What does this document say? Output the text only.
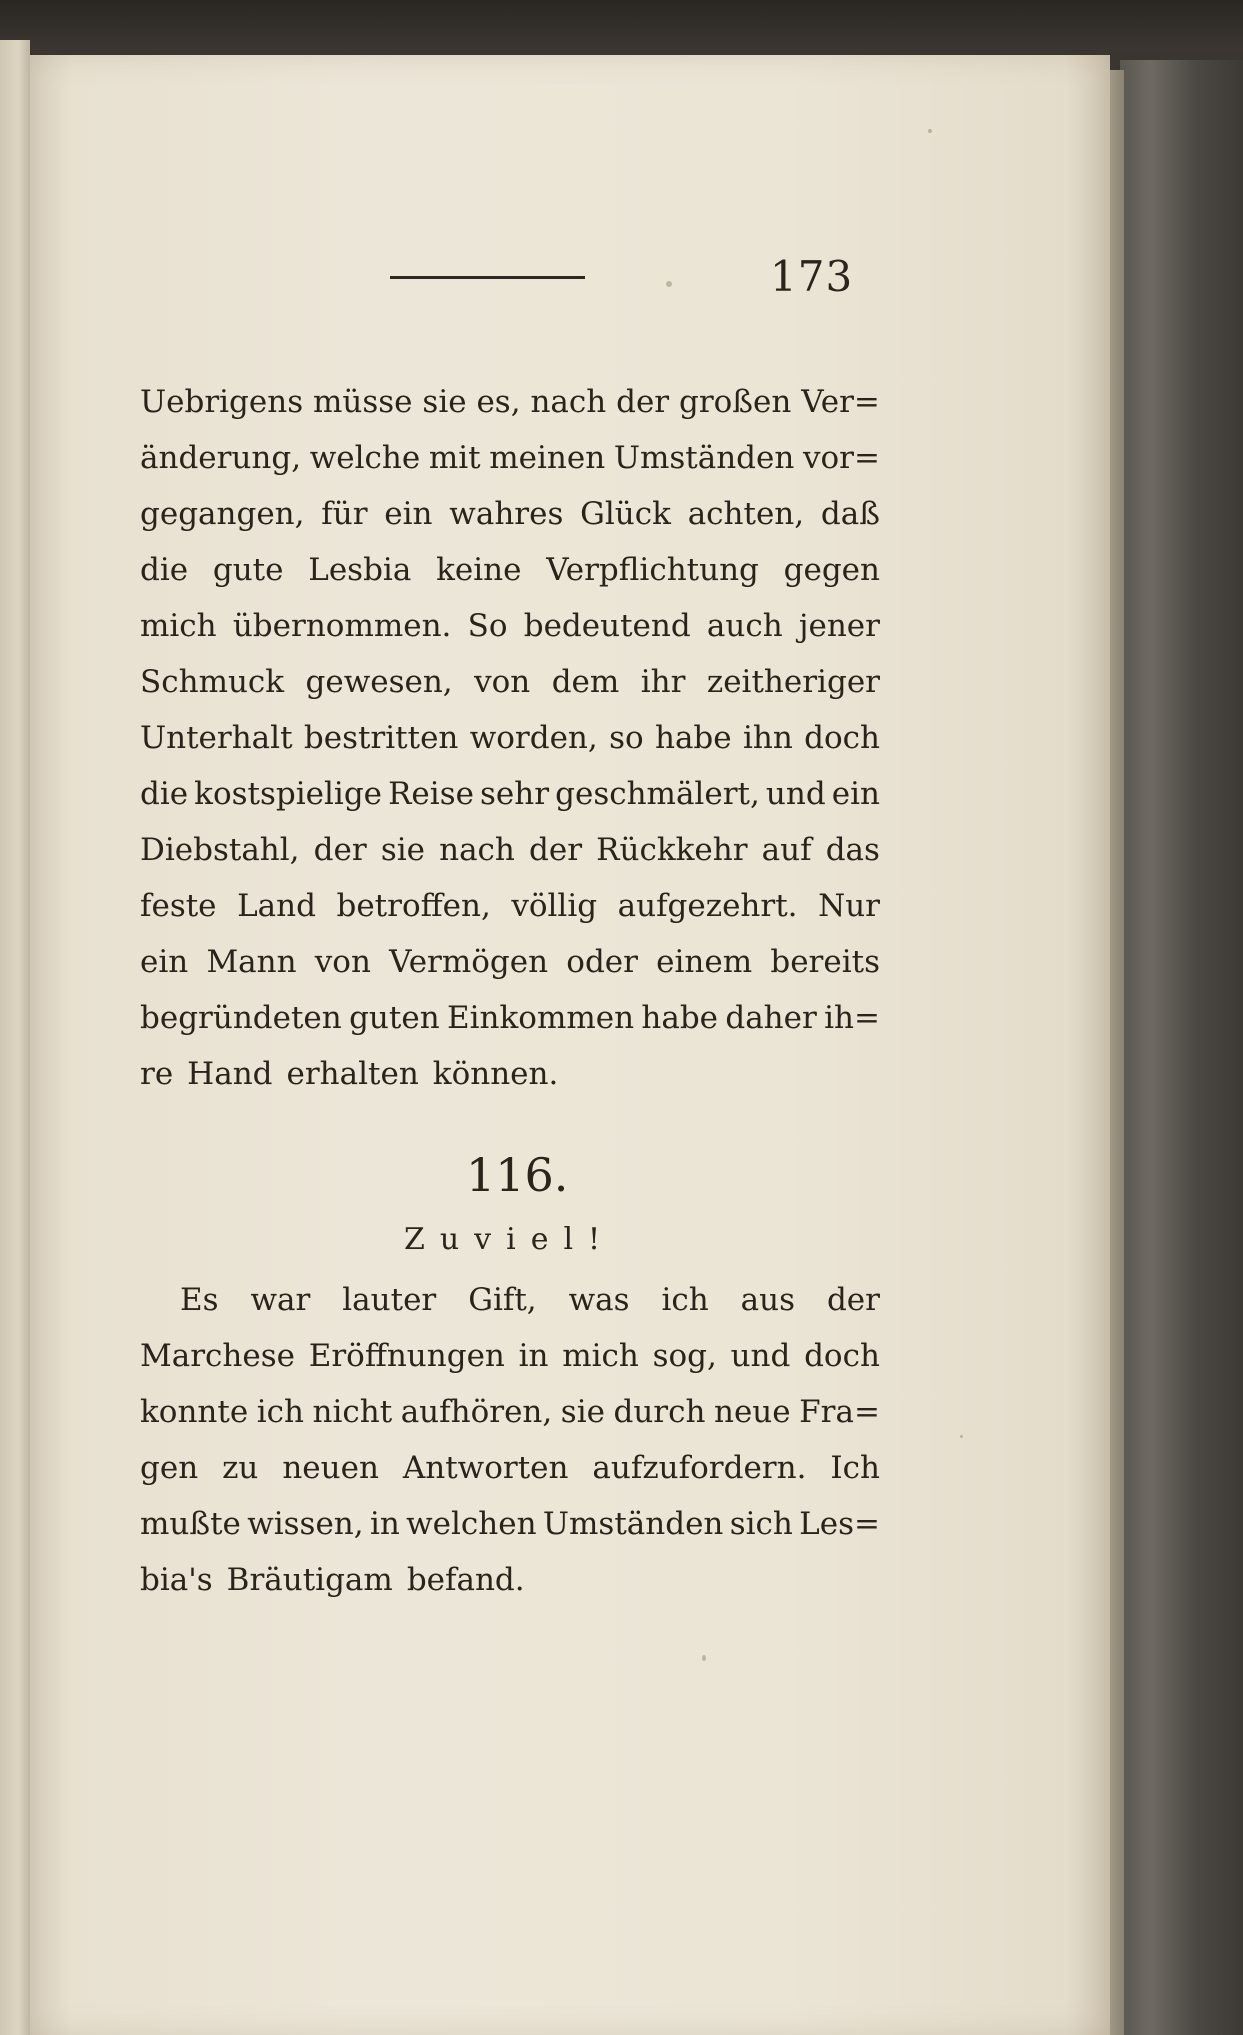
173
Uebrigens müsse sie es, nach der großen Ver=
änderung, welche mit meinen Umständen vor=
gegangen, für ein wahres Glück achten, daß
die gute Lesbia keine Verpflichtung gegen
mich übernommen. So bedeutend auch jener
Schmuck gewesen, von dem ihr zeitheriger
Unterhalt bestritten worden, so habe ihn doch
die kostspielige Reise sehr geschmälert, und ein
Diebstahl, der sie nach der Rückkehr auf das
feste Land betroffen, völlig aufgezehrt. Nur
ein Mann von Vermögen oder einem bereits
begründeten guten Einkommen habe daher ih=
re Hand erhalten können.
116.
Zuviel!
Es war lauter Gift, was ich aus der
Marchese Eröffnungen in mich sog, und doch
konnte ich nicht aufhören, sie durch neue Fra=
gen zu neuen Antworten aufzufordern. Ich
mußte wissen, in welchen Umständen sich Les=
bia's Bräutigam befand.
